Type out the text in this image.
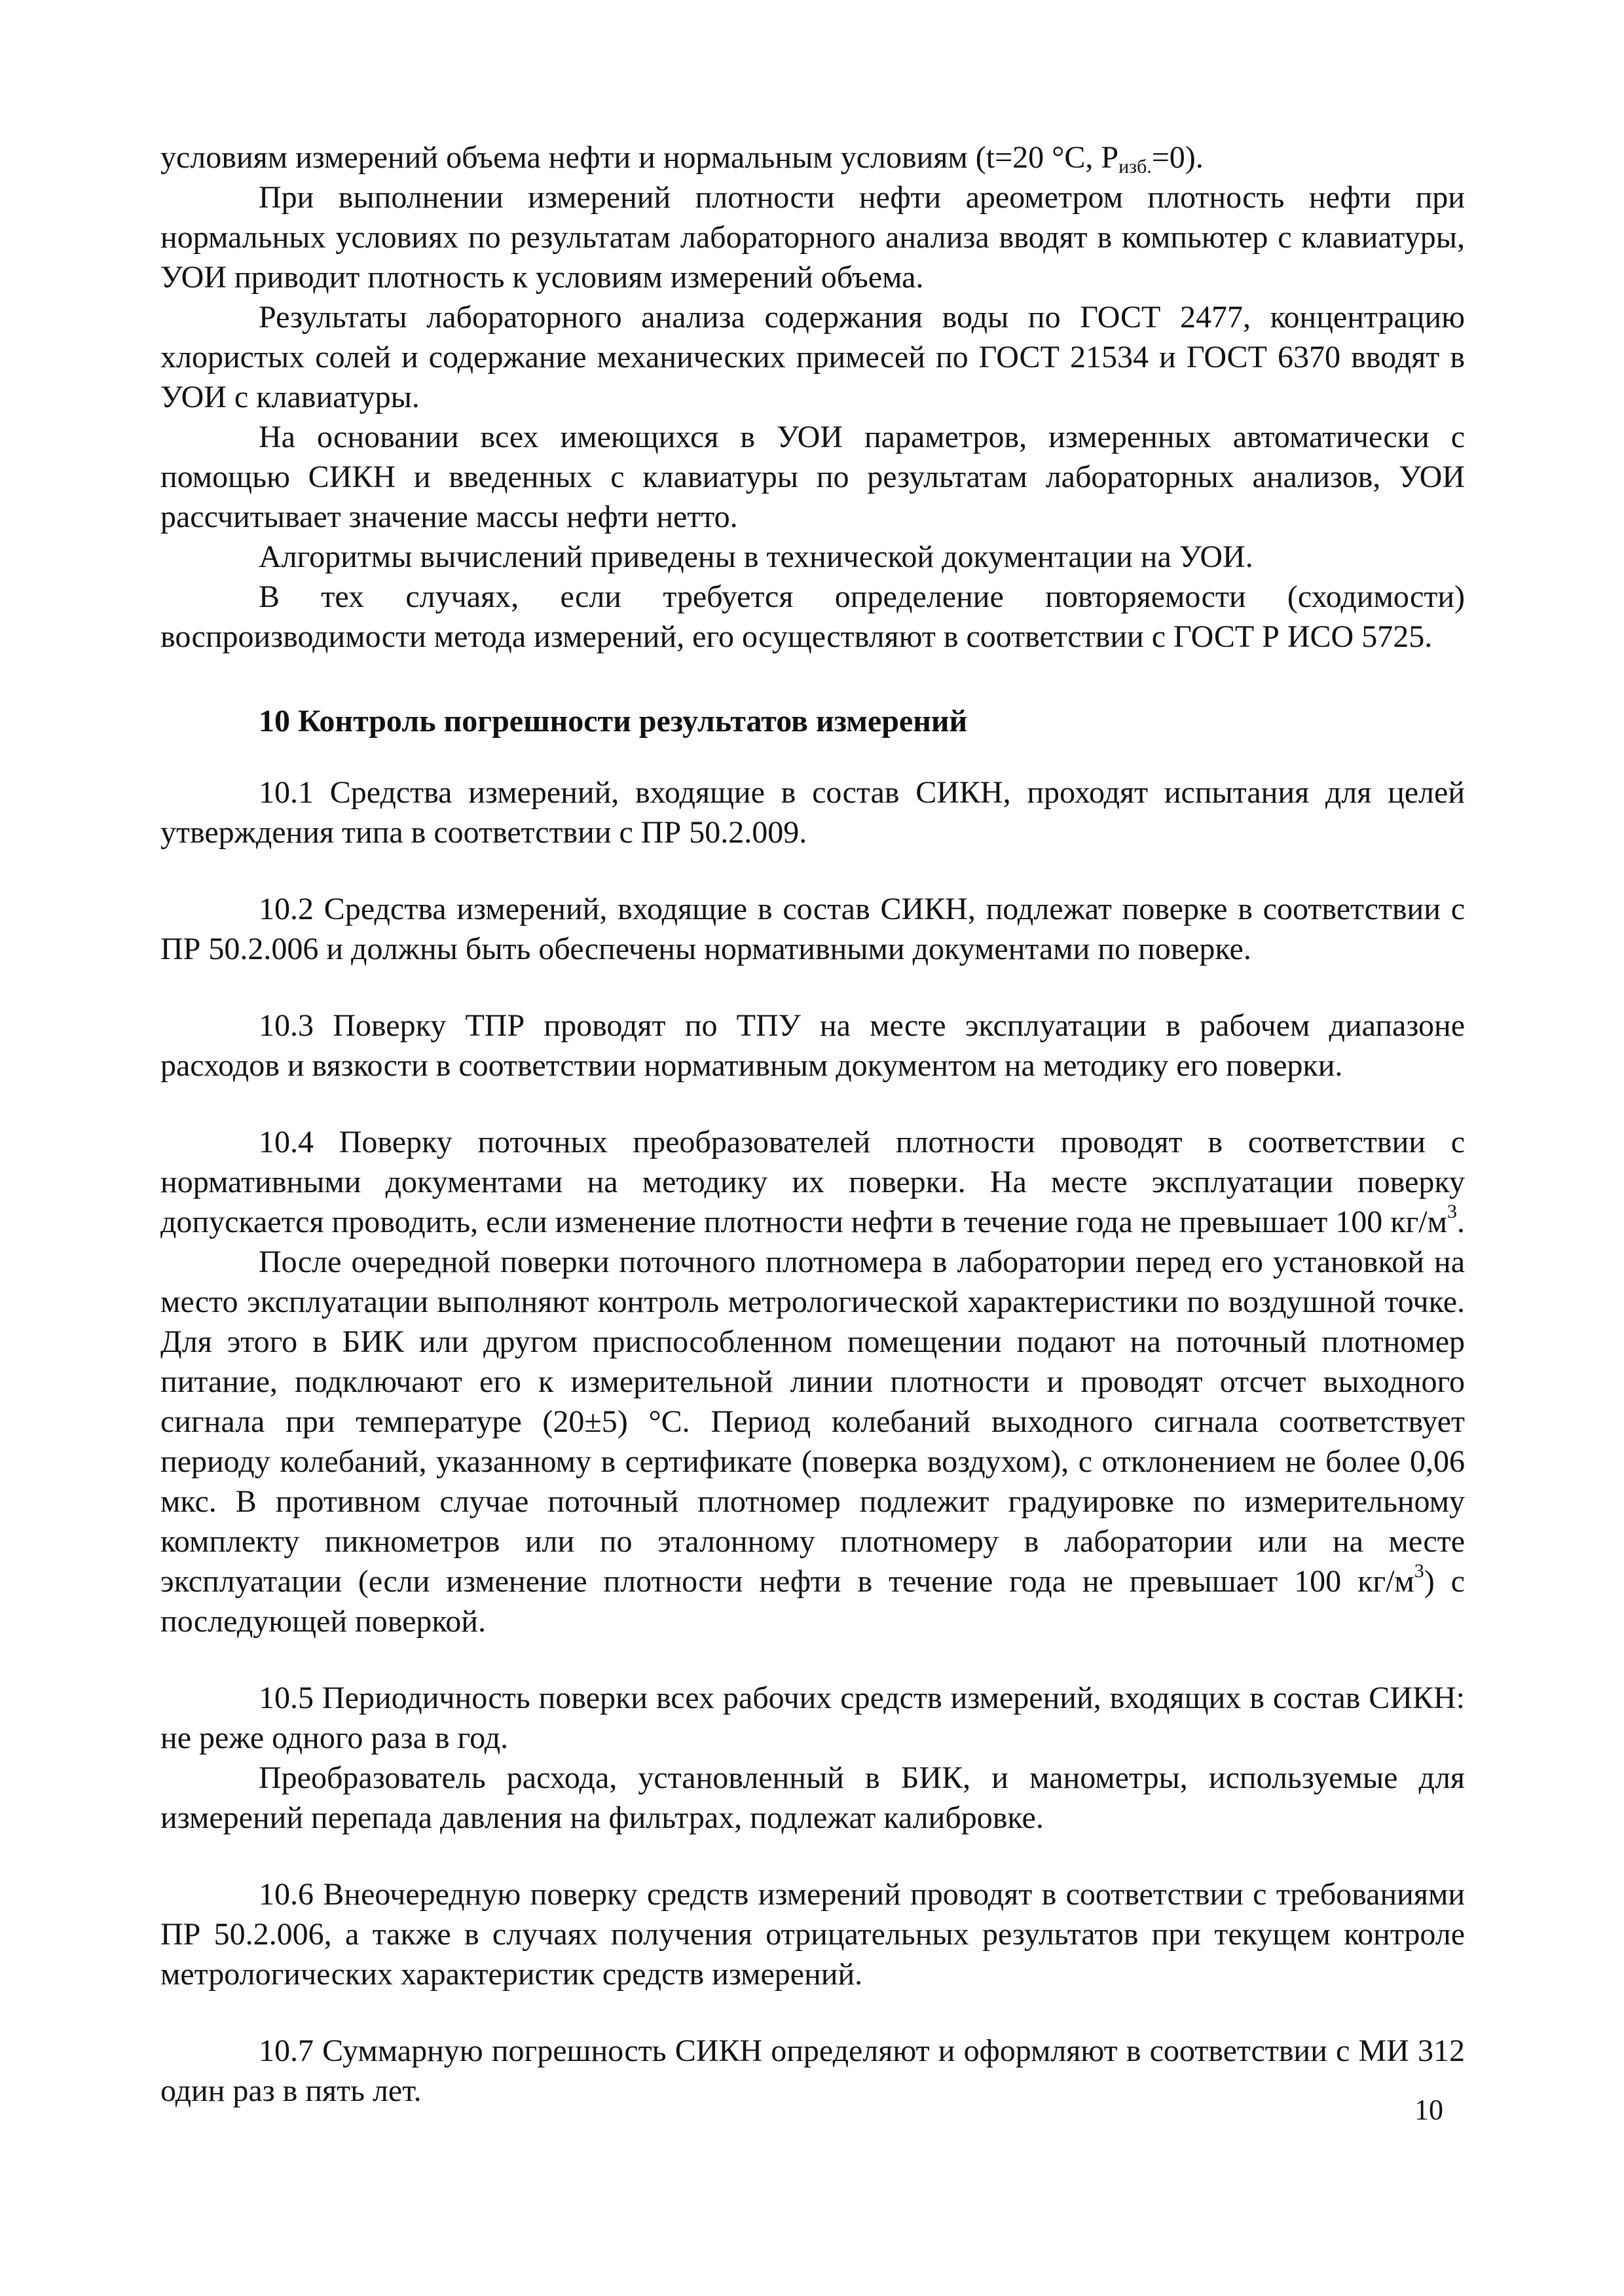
условиям измерений объема нефти и нормальным условиям (t=20 °C, $P_{изб.}=0$).

При выполнении измерений плотности нефти ареометром плотность нефти при нормальных условиях по результатам лабораторного анализа вводят в компьютер с клавиатуры, УОИ приводит плотность к условиям измерений объема.

Результаты лабораторного анализа содержания воды по ГОСТ 2477, концентрацию хлористых солей и содержание механических примесей по ГОСТ 21534 и ГОСТ 6370 вводят в УОИ с клавиатуры.

На основании всех имеющихся в УОИ параметров, измеренных автоматически с помощью СИКН и введенных с клавиатуры по результатам лабораторных анализов, УОИ рассчитывает значение массы нефти нетто.

Алгоритмы вычислений приведены в технической документации на УОИ.

В тех случаях, если требуется определение повторяемости (сходимости) воспроизводимости метода измерений, его осуществляют в соответствии с ГОСТ Р ИСО 5725.

10 Контроль погрешности результатов измерений

10.1 Средства измерений, входящие в состав СИКН, проходят испытания для целей утверждения типа в соответствии с ПР 50.2.009.

10.2 Средства измерений, входящие в состав СИКН, подлежат поверке в соответствии с ПР 50.2.006 и должны быть обеспечены нормативными документами по поверке.

10.3 Поверку ТПР проводят по ТПУ на месте эксплуатации в рабочем диапазоне расходов и вязкости в соответствии нормативным документом на методику его поверки.

10.4 Поверку поточных преобразователей плотности проводят в соответствии с нормативными документами на методику их поверки. На месте эксплуатации поверку допускается проводить, если изменение плотности нефти в течение года не превышает 100 $кг/м^3$.

После очередной поверки поточного плотномера в лаборатории перед его установкой на место эксплуатации выполняют контроль метрологической характеристики по воздушной точке. Для этого в БИК или другом приспособленном помещении подают на поточный плотномер питание, подключают его к измерительной линии плотности и проводят отсчет выходного сигнала при температуре (20±5) °C. Период колебаний выходного сигнала соответствует периоду колебаний, указанному в сертификате (поверка воздухом), с отклонением не более 0,06 мкс. В противном случае поточный плотномер подлежит градуировке по измерительному комплекту пикнометров или по эталонному плотномеру в лаборатории или на месте эксплуатации (если изменение плотности нефти в течение года не превышает 100 $кг/м^3$) с последующей поверкой.

10.5 Периодичность поверки всех рабочих средств измерений, входящих в состав СИКН: не реже одного раза в год.

Преобразователь расхода, установленный в БИК, и манометры, используемые для измерений перепада давления на фильтрах, подлежат калибровке.

10.6 Внеочередную поверку средств измерений проводят в соответствии с требованиями ПР 50.2.006, а также в случаях получения отрицательных результатов при текущем контроле метрологических характеристик средств измерений.

10.7 Суммарную погрешность СИКН определяют и оформляют в соответствии с МИ 312 один раз в пять лет.

10
